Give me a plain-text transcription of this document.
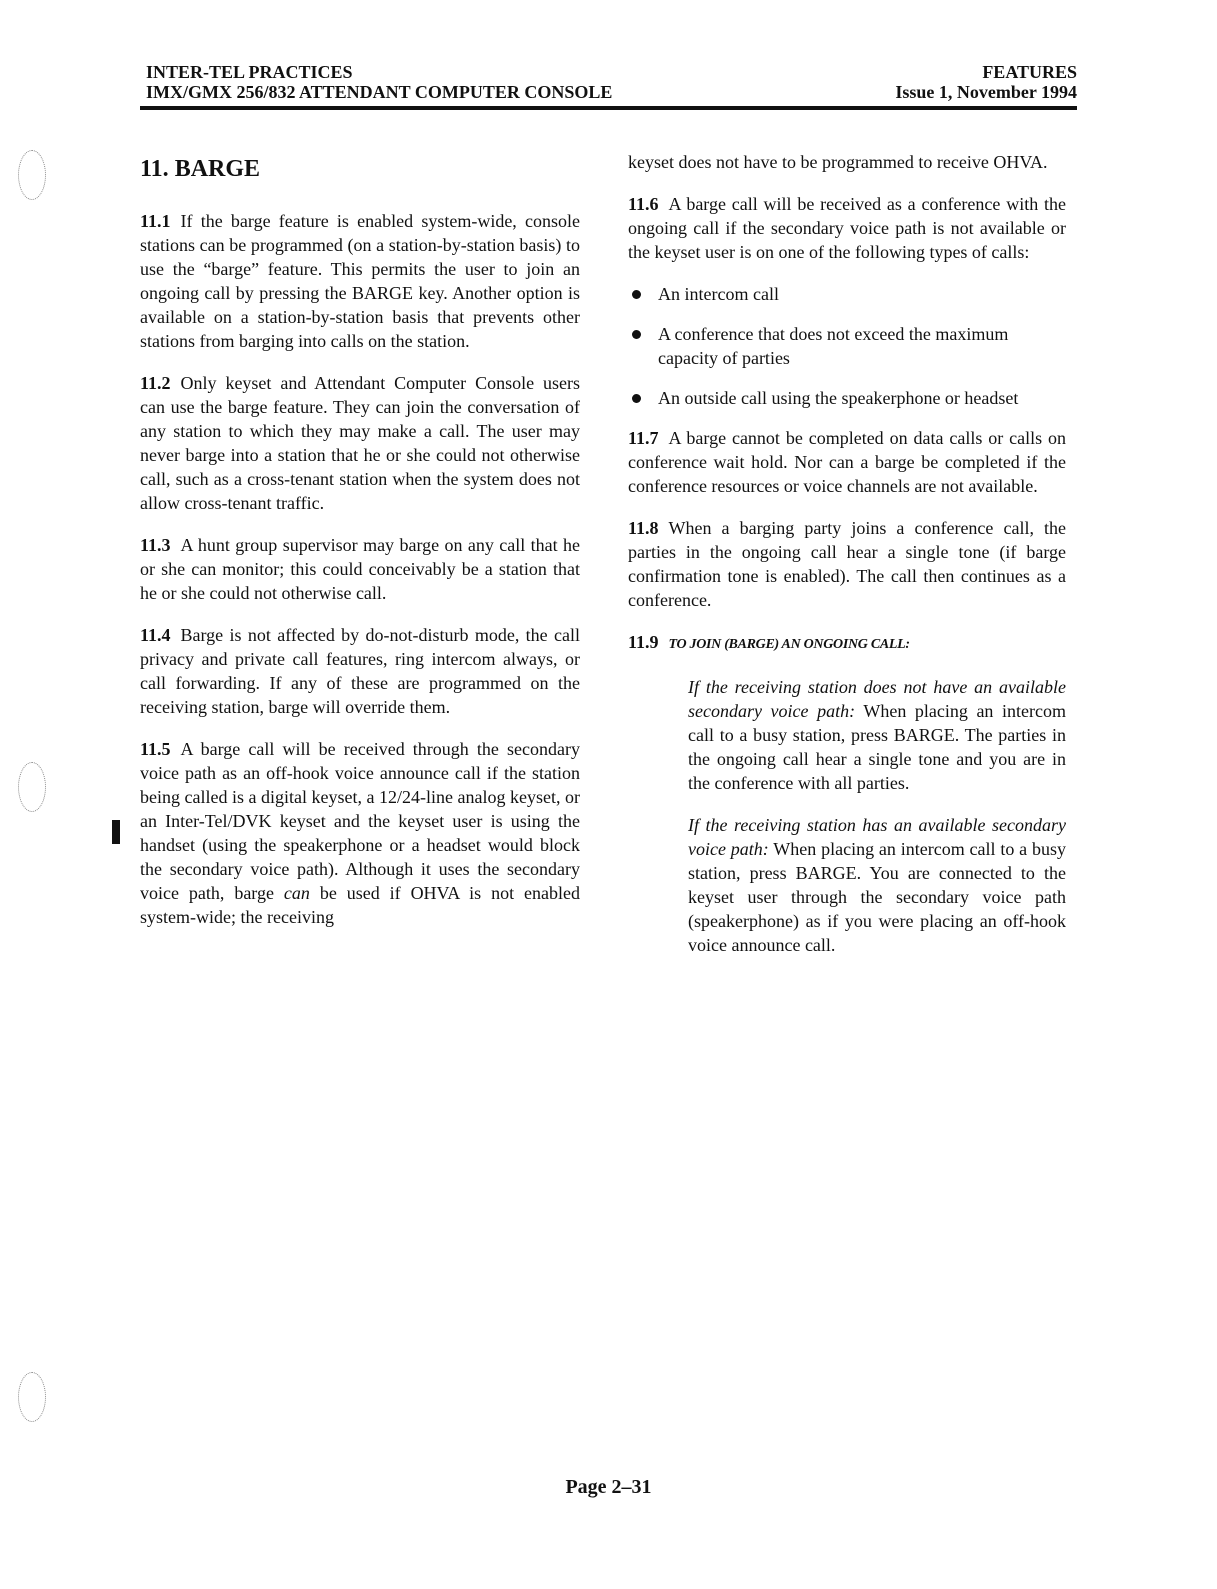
INTER-TEL PRACTICES
IMX/GMX 256/832 ATTENDANT COMPUTER CONSOLE
FEATURES
Issue 1, November 1994
11. BARGE

11.1 If the barge feature is enabled system-wide, console stations can be programmed (on a station-by-station basis) to use the “barge” feature. This permits the user to join an ongoing call by pressing the BARGE key. Another option is available on a station-by-station basis that prevents other stations from barging into calls on the station.

11.2 Only keyset and Attendant Computer Console users can use the barge feature. They can join the conversation of any station to which they may make a call. The user may never barge into a station that he or she could not otherwise call, such as a cross-tenant station when the system does not allow cross-tenant traffic.

11.3 A hunt group supervisor may barge on any call that he or she can monitor; this could conceivably be a station that he or she could not otherwise call.

11.4 Barge is not affected by do-not-disturb mode, the call privacy and private call features, ring intercom always, or call forwarding. If any of these are programmed on the receiving station, barge will override them.

11.5 A barge call will be received through the secondary voice path as an off-hook voice announce call if the station being called is a digital keyset, a 12/24-line analog keyset, or an Inter-Tel/DVK keyset and the keyset user is using the handset (using the speakerphone or a headset would block the secondary voice path). Although it uses the secondary voice path, barge can be used if OHVA is not enabled system-wide; the receiving

keyset does not have to be programmed to receive OHVA.

11.6 A barge call will be received as a conference with the ongoing call if the secondary voice path is not available or the keyset user is on one of the following types of calls:

An intercom call
A conference that does not exceed the maximum capacity of parties
An outside call using the speakerphone or headset

11.7 A barge cannot be completed on data calls or calls on conference wait hold. Nor can a barge be completed if the conference resources or voice channels are not available.

11.8 When a barging party joins a conference call, the parties in the ongoing call hear a single tone (if barge confirmation tone is enabled). The call then continues as a conference.

11.9 TO JOIN (BARGE) AN ONGOING CALL:

If the receiving station does not have an available secondary voice path: When placing an intercom call to a busy station, press BARGE. The parties in the ongoing call hear a single tone and you are in the conference with all parties.

If the receiving station has an available secondary voice path: When placing an intercom call to a busy station, press BARGE. You are connected to the keyset user through the secondary voice path (speakerphone) as if you were placing an off-hook voice announce call.

Page 2–31
